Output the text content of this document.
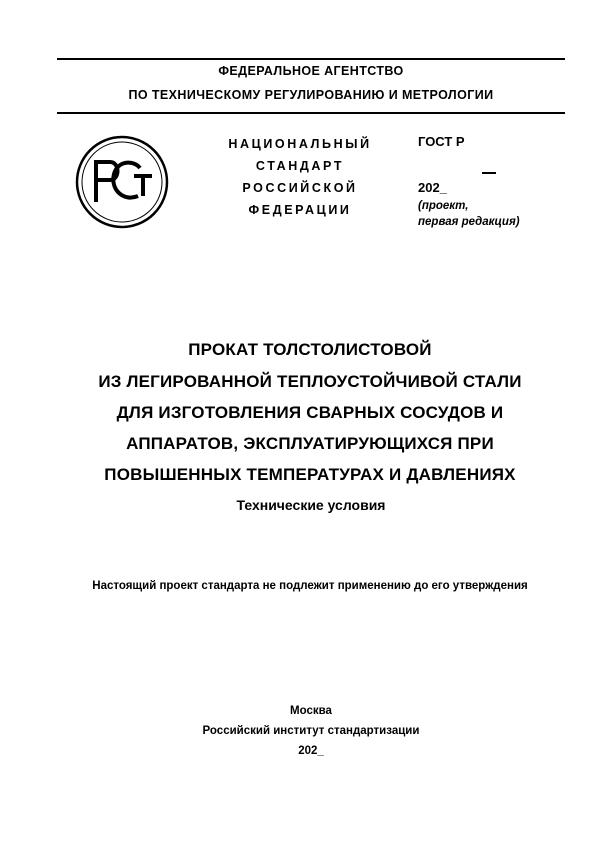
ФЕДЕРАЛЬНОЕ АГЕНТСТВО
ПО ТЕХНИЧЕСКОМУ РЕГУЛИРОВАНИЮ И МЕТРОЛОГИИ
РСТ
НАЦИОНАЛЬНЫЙ
СТАНДАРТ
РОССИЙСКОЙ
ФЕДЕРАЦИИ
ГОСТ Р
202_
(проект,
первая редакция)
ПРОКАТ ТОЛСТОЛИСТОВОЙ
ИЗ ЛЕГИРОВАННОЙ ТЕПЛОУСТОЙЧИВОЙ СТАЛИ
ДЛЯ ИЗГОТОВЛЕНИЯ СВАРНЫХ СОСУДОВ И
АППАРАТОВ, ЭКСПЛУАТИРУЮЩИХСЯ ПРИ
ПОВЫШЕННЫХ ТЕМПЕРАТУРАХ И ДАВЛЕНИЯХ
Технические условия
Настоящий проект стандарта не подлежит применению до его утверждения
Москва
Российский институт стандартизации
202_
